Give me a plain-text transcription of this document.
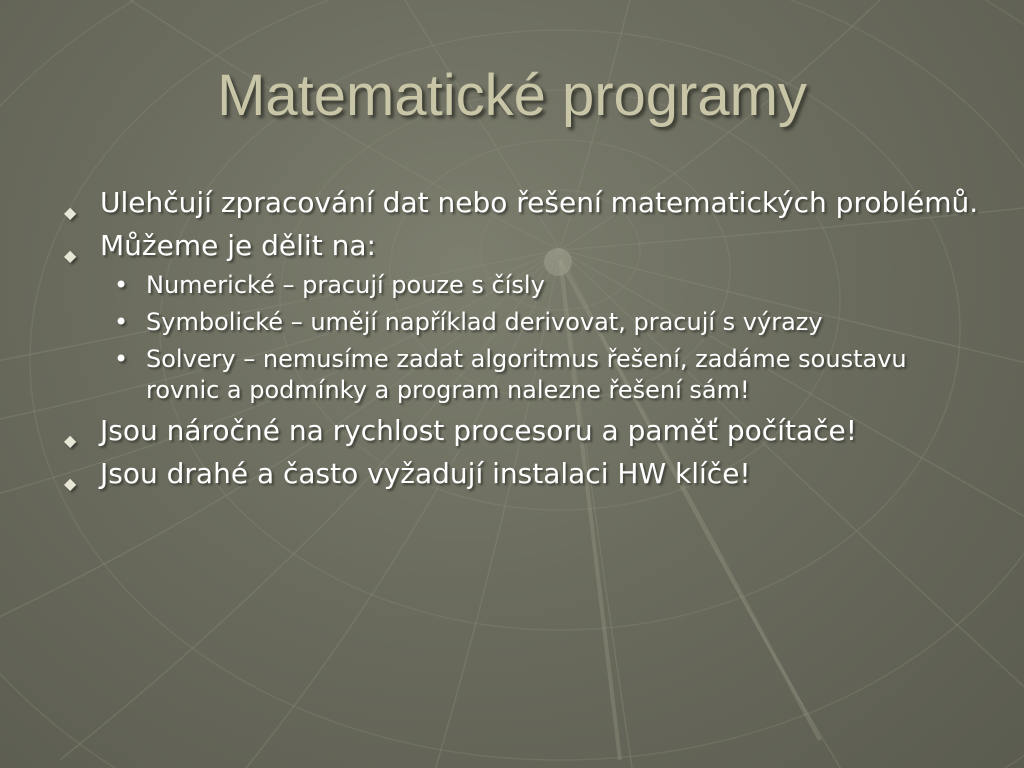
Matematické programy
◆ Ulehčují zpracování dat nebo řešení matematických problémů.
◆ Můžeme je dělit na:
• Numerické – pracují pouze s čísly
• Symbolické – umějí například derivovat, pracují s výrazy
• Solvery – nemusíme zadat algoritmus řešení, zadáme soustavu rovnic a podmínky a program nalezne řešení sám!
◆ Jsou náročné na rychlost procesoru a paměť počítače!
◆ Jsou drahé a často vyžadují instalaci HW klíče!
